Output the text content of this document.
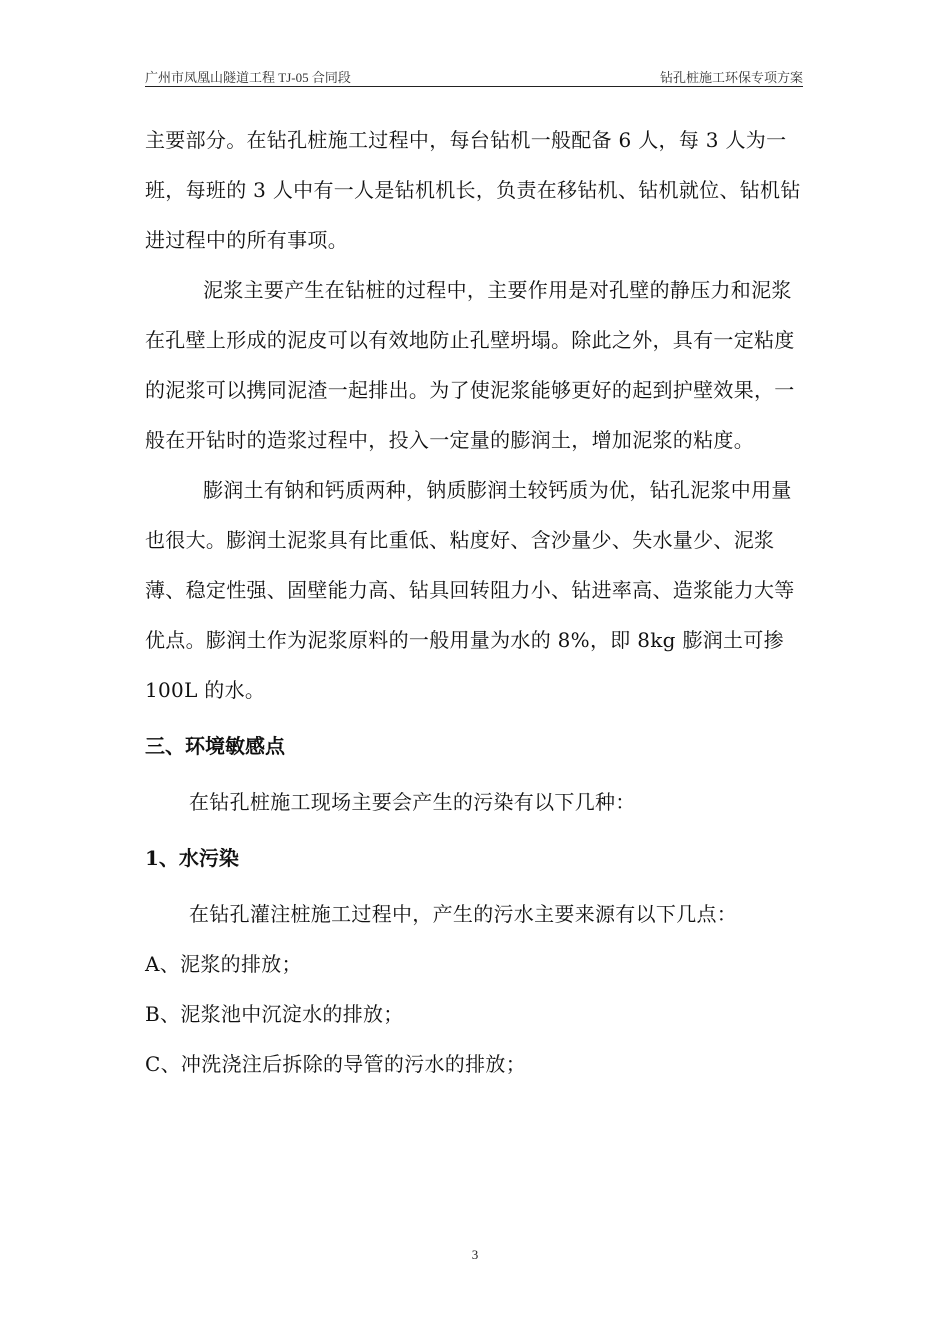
广州市凤凰山隧道工程 TJ-05 合同段	钻孔桩施工环保专项方案

主要部分。在钻孔桩施工过程中，每台钻机一般配备 6 人，每 3 人为一班，每班的 3 人中有一人是钻机机长，负责在移钻机、钻机就位、钻机钻进过程中的所有事项。

泥浆主要产生在钻桩的过程中，主要作用是对孔壁的静压力和泥浆在孔壁上形成的泥皮可以有效地防止孔壁坍塌。除此之外，具有一定粘度的泥浆可以携同泥渣一起排出。为了使泥浆能够更好的起到护壁效果，一般在开钻时的造浆过程中，投入一定量的膨润土，增加泥浆的粘度。

膨润土有钠和钙质两种，钠质膨润土较钙质为优，钻孔泥浆中用量也很大。膨润土泥浆具有比重低、粘度好、含沙量少、失水量少、泥浆薄、稳定性强、固壁能力高、钻具回转阻力小、钻进率高、造浆能力大等优点。膨润土作为泥浆原料的一般用量为水的 8%，即 8kg 膨润土可掺 100L 的水。

三、环境敏感点

在钻孔桩施工现场主要会产生的污染有以下几种：

1、水污染

在钻孔灌注桩施工过程中，产生的污水主要来源有以下几点：

A、泥浆的排放；

B、泥浆池中沉淀水的排放；

C、冲洗浇注后拆除的导管的污水的排放；

3
